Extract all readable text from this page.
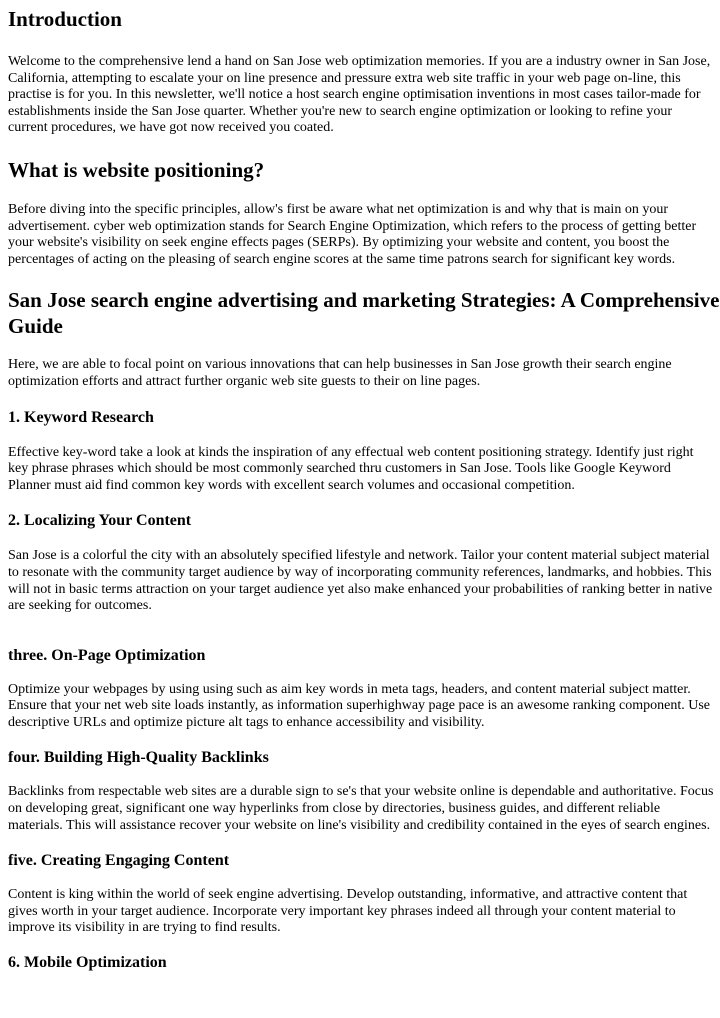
Introduction

Welcome to the comprehensive lend a hand on San Jose web optimization memories. If you are a industry owner in San Jose, California, attempting to escalate your on line presence and pressure extra web site traffic in your web page on-line, this practise is for you. In this newsletter, we'll notice a host search engine optimisation inventions in most cases tailor-made for establishments inside the San Jose quarter. Whether you're new to search engine optimization or looking to refine your current procedures, we have got now received you coated.

What is website positioning?

Before diving into the specific principles, allow's first be aware what net optimization is and why that is main on your advertisement. cyber web optimization stands for Search Engine Optimization, which refers to the process of getting better your website's visibility on seek engine effects pages (SERPs). By optimizing your website and content, you boost the percentages of acting on the pleasing of search engine scores at the same time patrons search for significant key words.

San Jose search engine advertising and marketing Strategies: A Comprehensive Guide

Here, we are able to focal point on various innovations that can help businesses in San Jose growth their search engine optimization efforts and attract further organic web site guests to their on line pages.

1. Keyword Research

Effective key-word take a look at kinds the inspiration of any effectual web content positioning strategy. Identify just right key phrase phrases which should be most commonly searched thru customers in San Jose. Tools like Google Keyword Planner must aid find common key words with excellent search volumes and occasional competition.

2. Localizing Your Content

San Jose is a colorful the city with an absolutely specified lifestyle and network. Tailor your content material subject material to resonate with the community target audience by way of incorporating community references, landmarks, and hobbies. This will not in basic terms attraction on your target audience yet also make enhanced your probabilities of ranking better in native are seeking for outcomes.

three. On-Page Optimization

Optimize your webpages by using using such as aim key words in meta tags, headers, and content material subject matter. Ensure that your net web site loads instantly, as information superhighway page pace is an awesome ranking component. Use descriptive URLs and optimize picture alt tags to enhance accessibility and visibility.

four. Building High-Quality Backlinks

Backlinks from respectable web sites are a durable sign to se's that your website online is dependable and authoritative. Focus on developing great, significant one way hyperlinks from close by directories, business guides, and different reliable materials. This will assistance recover your website on line's visibility and credibility contained in the eyes of search engines.

five. Creating Engaging Content

Content is king within the world of seek engine advertising. Develop outstanding, informative, and attractive content that gives worth in your target audience. Incorporate very important key phrases indeed all through your content material to improve its visibility in are trying to find results.

6. Mobile Optimization
